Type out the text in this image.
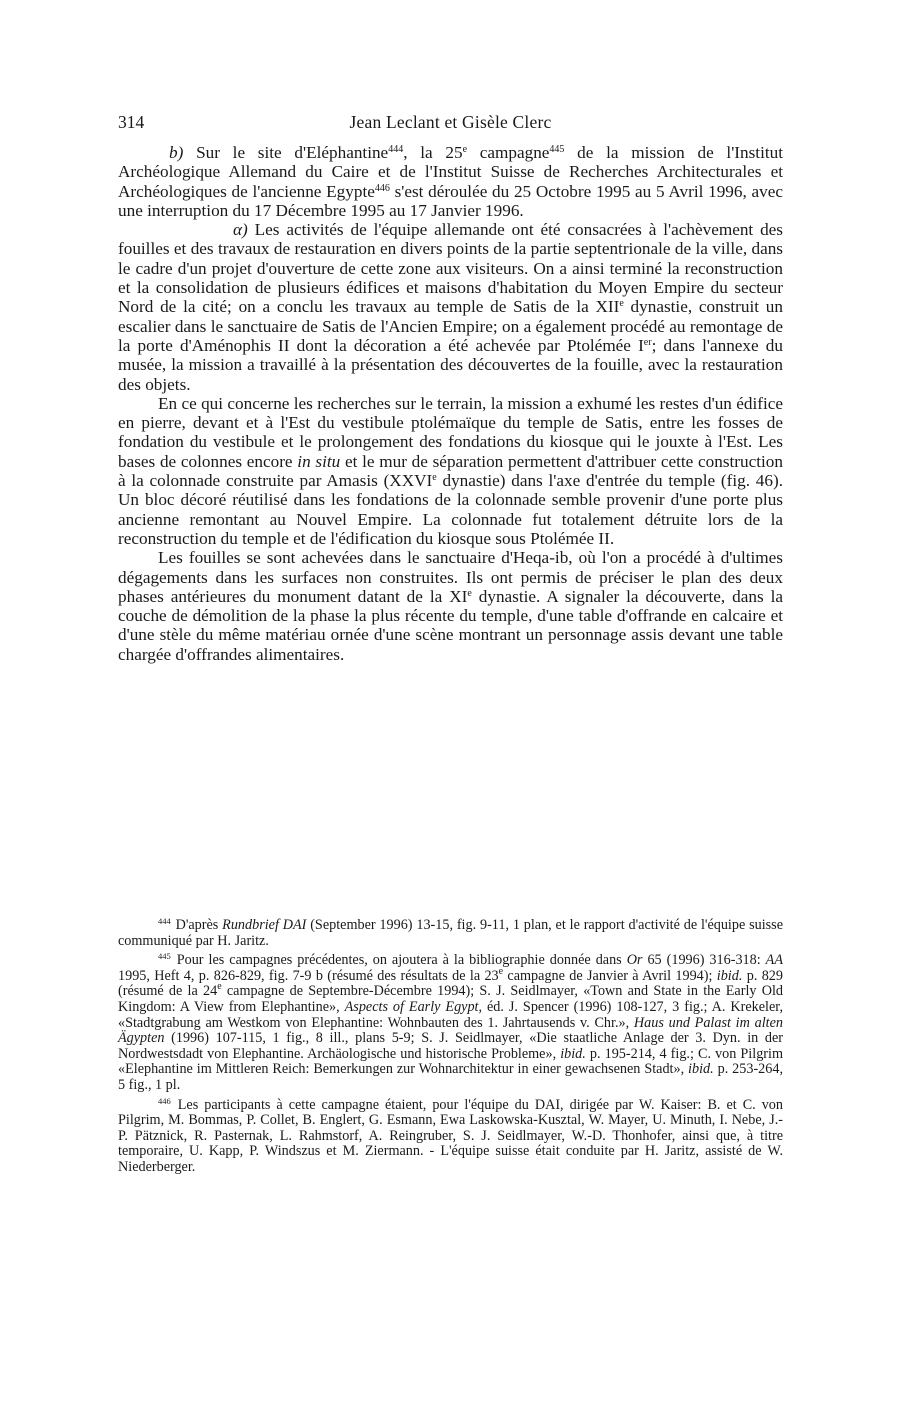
314	Jean Leclant et Gisèle Clerc

b) Sur le site d'Eléphantine$^{444}$, la 25e campagne$^{445}$ de la mission de l'Institut Archéologique Allemand du Caire et de l'Institut Suisse de Recherches Architecturales et Archéologiques de l'ancienne Egypte$^{446}$ s'est déroulée du 25 Octobre 1995 au 5 Avril 1996, avec une interruption du 17 Décembre 1995 au 17 Janvier 1996.

α) Les activités de l'équipe allemande ont été consacrées à l'achèvement des fouilles et des travaux de restauration en divers points de la partie septentrionale de la ville, dans le cadre d'un projet d'ouverture de cette zone aux visiteurs. On a ainsi terminé la reconstruction et la consolidation de plusieurs édifices et maisons d'habitation du Moyen Empire du secteur Nord de la cité; on a conclu les travaux au temple de Satis de la XIIe dynastie, construit un escalier dans le sanctuaire de Satis de l'Ancien Empire; on a également procédé au remontage de la porte d'Aménophis II dont la décoration a été achevée par Ptolémée Ier; dans l'annexe du musée, la mission a travaillé à la présentation des découvertes de la fouille, avec la restauration des objets.

En ce qui concerne les recherches sur le terrain, la mission a exhumé les restes d'un édifice en pierre, devant et à l'Est du vestibule ptolémaïque du temple de Satis, entre les fosses de fondation du vestibule et le prolongement des fondations du kiosque qui le jouxte à l'Est. Les bases de colonnes encore in situ et le mur de séparation permettent d'attribuer cette construction à la colonnade construite par Amasis (XXVIe dynastie) dans l'axe d'entrée du temple (fig. 46). Un bloc décoré réutilisé dans les fondations de la colonnade semble provenir d'une porte plus ancienne remontant au Nouvel Empire. La colonnade fut totalement détruite lors de la reconstruction du temple et de l'édification du kiosque sous Ptolémée II.

Les fouilles se sont achevées dans le sanctuaire d'Heqa-ib, où l'on a procédé à d'ultimes dégagements dans les surfaces non construites. Ils ont permis de préciser le plan des deux phases antérieures du monument datant de la XIe dynastie. A signaler la découverte, dans la couche de démolition de la phase la plus récente du temple, d'une table d'offrande en calcaire et d'une stèle du même matériau ornée d'une scène montrant un personnage assis devant une table chargée d'offrandes alimentaires.

$^{444}$ D'après Rundbrief DAI (September 1996) 13-15, fig. 9-11, 1 plan, et le rapport d'activité de l'équipe suisse communiqué par H. Jaritz.

$^{445}$ Pour les campagnes précédentes, on ajoutera à la bibliographie donnée dans Or 65 (1996) 316-318: AA 1995, Heft 4, p. 826-829, fig. 7-9 b (résumé des résultats de la 23e campagne de Janvier à Avril 1994); ibid. p. 829 (résumé de la 24e campagne de Septembre-Décembre 1994); S. J. Seidlmayer, «Town and State in the Early Old Kingdom: A View from Elephantine», Aspects of Early Egypt, éd. J. Spencer (1996) 108-127, 3 fig.; A. Krekeler, «Stadtgrabung am Westkom von Elephantine: Wohnbauten des 1. Jahrtausends v. Chr.», Haus und Palast im alten Ägypten (1996) 107-115, 1 fig., 8 ill., plans 5-9; S. J. Seidlmayer, «Die staatliche Anlage der 3. Dyn. in der Nordwestsdadt von Elephantine. Archäologische und historische Probleme», ibid. p. 195-214, 4 fig.; C. von Pilgrim «Elephantine im Mittleren Reich: Bemerkungen zur Wohnarchitektur in einer gewachsenen Stadt», ibid. p. 253-264, 5 fig., 1 pl.

$^{446}$ Les participants à cette campagne étaient, pour l'équipe du DAI, dirigée par W. Kaiser: B. et C. von Pilgrim, M. Bommas, P. Collet, B. Englert, G. Esmann, Ewa Laskowska-Kusztal, W. Mayer, U. Minuth, I. Nebe, J.-P. Pätznick, R. Pasternak, L. Rahmstorf, A. Reingruber, S. J. Seidlmayer, W.-D. Thonhofer, ainsi que, à titre temporaire, U. Kapp, P. Windszus et M. Ziermann. - L'équipe suisse était conduite par H. Jaritz, assisté de W. Niederberger.
